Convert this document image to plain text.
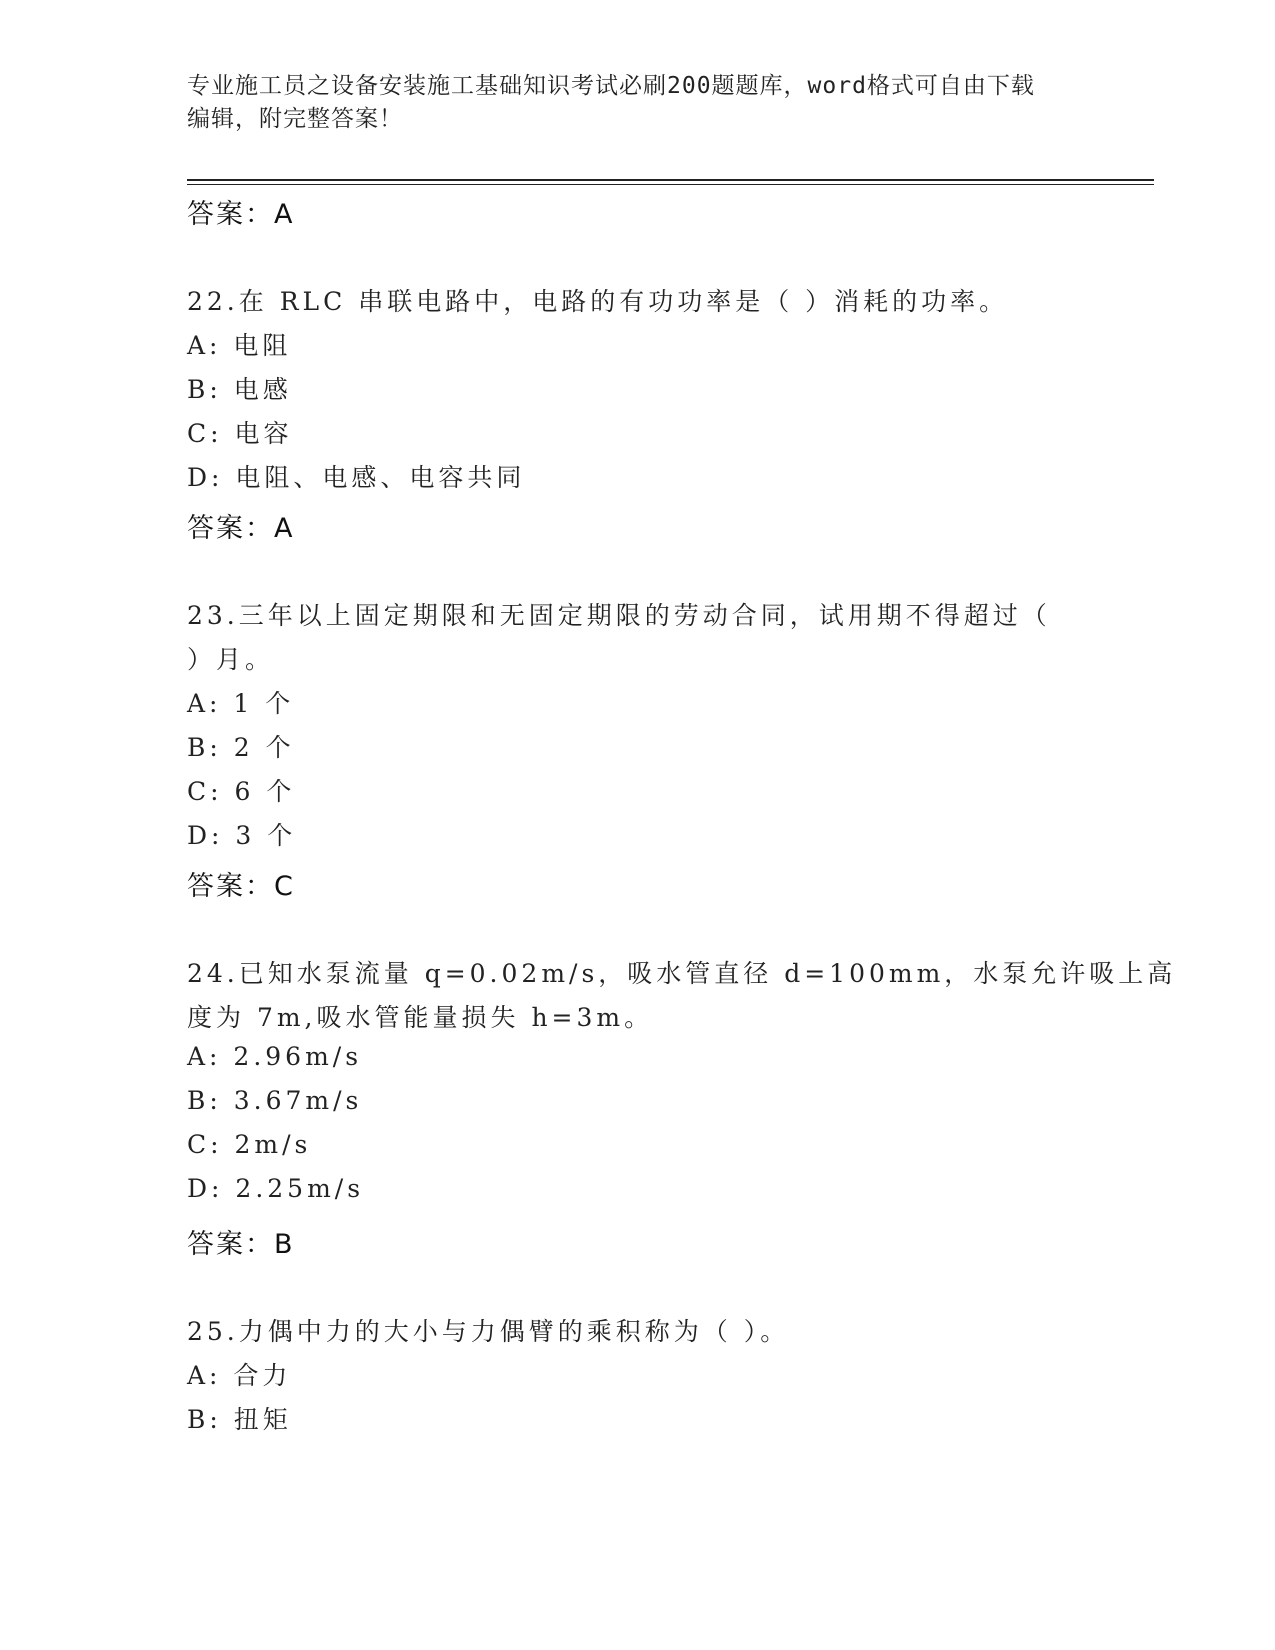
专业施工员之设备安装施工基础知识考试必刷200题题库，word格式可自由下载
编辑，附完整答案！
答案：A
22.在 RLC 串联电路中，电路的有功功率是（ ）消耗的功率。
A: 电阻
B: 电感
C: 电容
D: 电阻、电感、电容共同
答案：A
23.三年以上固定期限和无固定期限的劳动合同，试用期不得超过（
）月。
A: 1 个
B: 2 个
C: 6 个
D: 3 个
答案：C
24.已知水泵流量 q=0.02m/s，吸水管直径 d=100mm，水泵允许吸上高
度为 7m,吸水管能量损失 h=3m。
A: 2.96m/s
B: 3.67m/s
C: 2m/s
D: 2.25m/s
答案：B
25.力偶中力的大小与力偶臂的乘积称为（ ）。
A: 合力
B: 扭矩
